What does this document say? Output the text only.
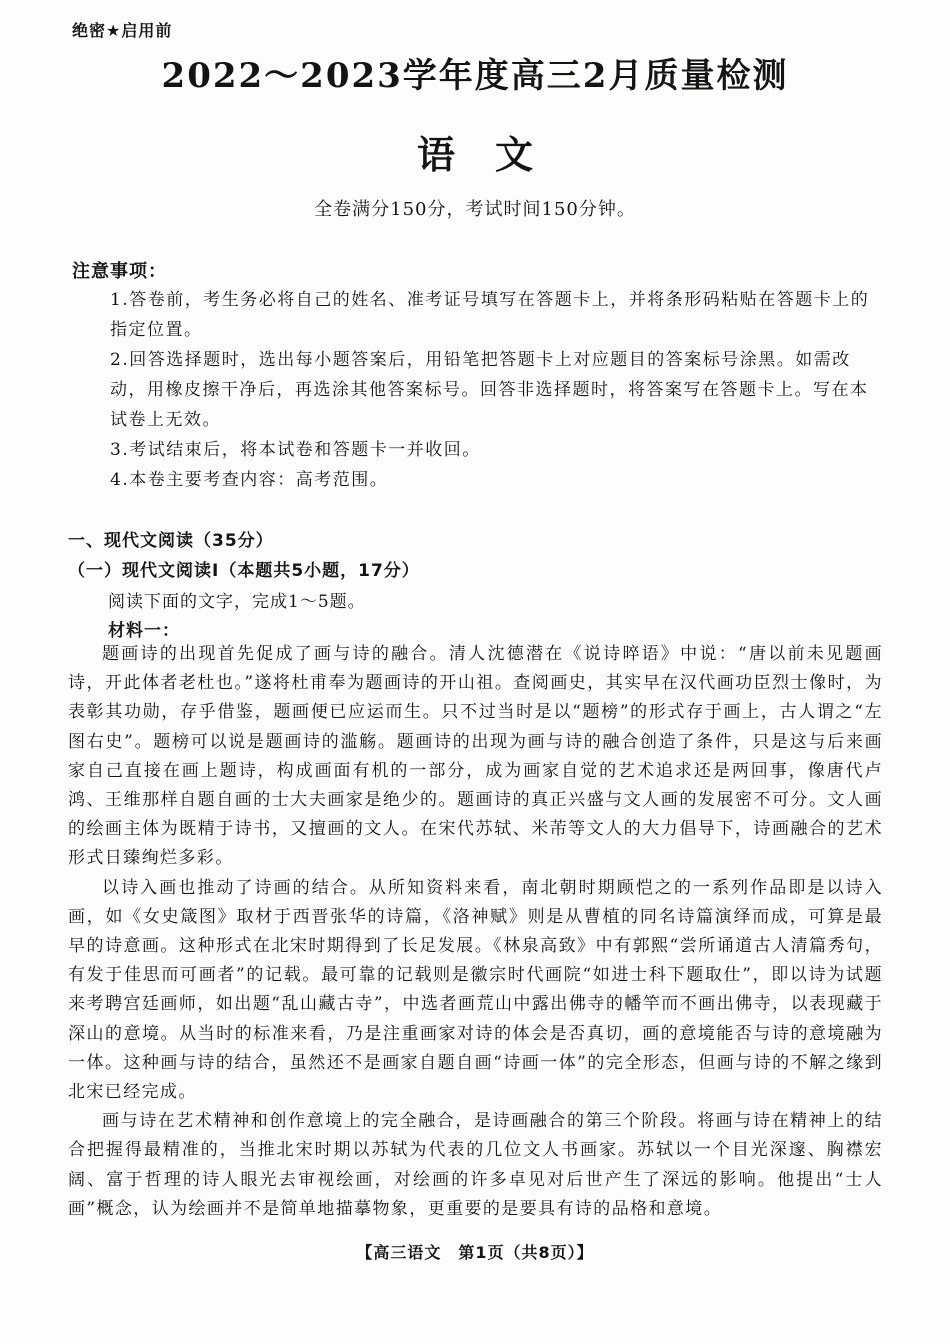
绝密★启用前
2022～2023学年度高三2月质量检测
语文
全卷满分150分，考试时间150分钟。
注意事项：

1.答卷前，考生务必将自己的姓名、准考证号填写在答题卡上，并将条形码粘贴在答题卡上的指定位置。

2.回答选择题时，选出每小题答案后，用铅笔把答题卡上对应题目的答案标号涂黑。如需改动，用橡皮擦干净后，再选涂其他答案标号。回答非选择题时，将答案写在答题卡上。写在本试卷上无效。

3.考试结束后，将本试卷和答题卡一并收回。

4.本卷主要考查内容：高考范围。

一、现代文阅读（35分）
（一）现代文阅读Ⅰ（本题共5小题，17分）
阅读下面的文字，完成1～5题。
材料一：

题画诗的出现首先促成了画与诗的融合。清人沈德潜在《说诗晬语》中说：“唐以前未见题画诗，开此体者老杜也。”遂将杜甫奉为题画诗的开山祖。查阅画史，其实早在汉代画功臣烈士像时，为表彰其功勋，存乎借鉴，题画便已应运而生。只不过当时是以“题榜”的形式存于画上，古人谓之“左图右史”。题榜可以说是题画诗的滥觞。题画诗的出现为画与诗的融合创造了条件，只是这与后来画家自己直接在画上题诗，构成画面有机的一部分，成为画家自觉的艺术追求还是两回事，像唐代卢鸿、王维那样自题自画的士大夫画家是绝少的。题画诗的真正兴盛与文人画的发展密不可分。文人画的绘画主体为既精于诗书，又擅画的文人。在宋代苏轼、米芾等文人的大力倡导下，诗画融合的艺术形式日臻绚烂多彩。

以诗入画也推动了诗画的结合。从所知资料来看，南北朝时期顾恺之的一系列作品即是以诗入画，如《女史箴图》取材于西晋张华的诗篇，《洛神赋》则是从曹植的同名诗篇演绎而成，可算是最早的诗意画。这种形式在北宋时期得到了长足发展。《林泉高致》中有郭熙“尝所诵道古人清篇秀句，有发于佳思而可画者”的记载。最可靠的记载则是徽宗时代画院“如进士科下题取仕”，即以诗为试题来考聘宫廷画师，如出题“乱山藏古寺”，中选者画荒山中露出佛寺的幡竿而不画出佛寺，以表现藏于深山的意境。从当时的标准来看，乃是注重画家对诗的体会是否真切，画的意境能否与诗的意境融为一体。这种画与诗的结合，虽然还不是画家自题自画“诗画一体”的完全形态，但画与诗的不解之缘到北宋已经完成。

画与诗在艺术精神和创作意境上的完全融合，是诗画融合的第三个阶段。将画与诗在精神上的结合把握得最精准的，当推北宋时期以苏轼为代表的几位文人书画家。苏轼以一个目光深邃、胸襟宏阔、富于哲理的诗人眼光去审视绘画，对绘画的许多卓见对后世产生了深远的影响。他提出“士人画”概念，认为绘画并不是简单地描摹物象，更重要的是要具有诗的品格和意境。

【高三语文　第1页（共8页）】
